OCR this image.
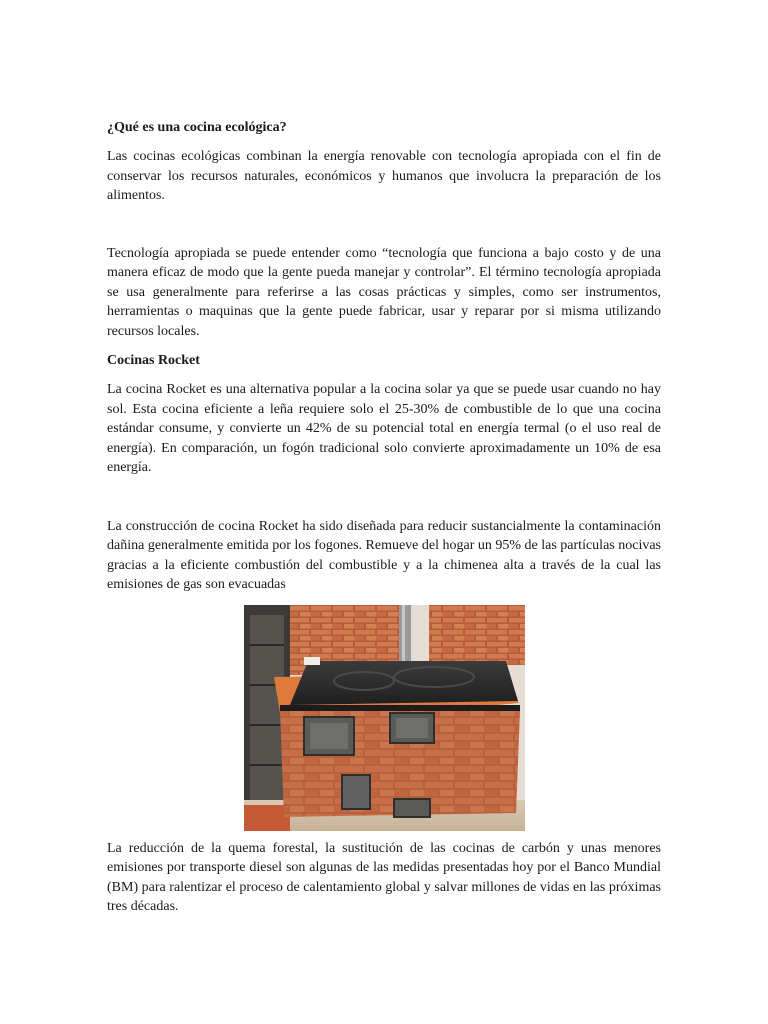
¿Qué es una cocina ecológica?

Las cocinas ecológicas combinan la energía renovable con tecnología apropiada con el fin de conservar los recursos naturales, económicos y humanos que involucra la preparación de los alimentos.

Tecnología apropiada se puede entender como “tecnología que funciona a bajo costo y de una manera eficaz de modo que la gente pueda manejar y controlar”. El término tecnología apropiada se usa generalmente para referirse a las cosas prácticas y simples, como ser instrumentos, herramientas o maquinas que la gente puede fabricar, usar y reparar por si misma utilizando recursos locales.

Cocinas Rocket

La cocina Rocket es una alternativa popular a la cocina solar ya que se puede usar cuando no hay sol. Esta cocina eficiente a leña requiere solo el 25-30% de combustible de lo que una cocina estándar consume, y convierte un 42% de su potencial total en energía termal (o el uso real de energía). En comparación, un fogón tradicional solo convierte aproximadamente un 10% de esa energía.

La construcción de cocina Rocket ha sido diseñada para reducir sustancialmente la contaminación dañina generalmente emitida por los fogones. Remueve del hogar un 95% de las partículas nocivas gracias a la eficiente combustión del combustible y a la chimenea alta a través de la cual las emisiones de gas son evacuadas

La reducción de la quema forestal, la sustitución de las cocinas de carbón y unas menores emisiones por transporte diesel son algunas de las medidas presentadas hoy por el Banco Mundial (BM) para ralentizar el proceso de calentamiento global y salvar millones de vidas en las próximas tres décadas.
